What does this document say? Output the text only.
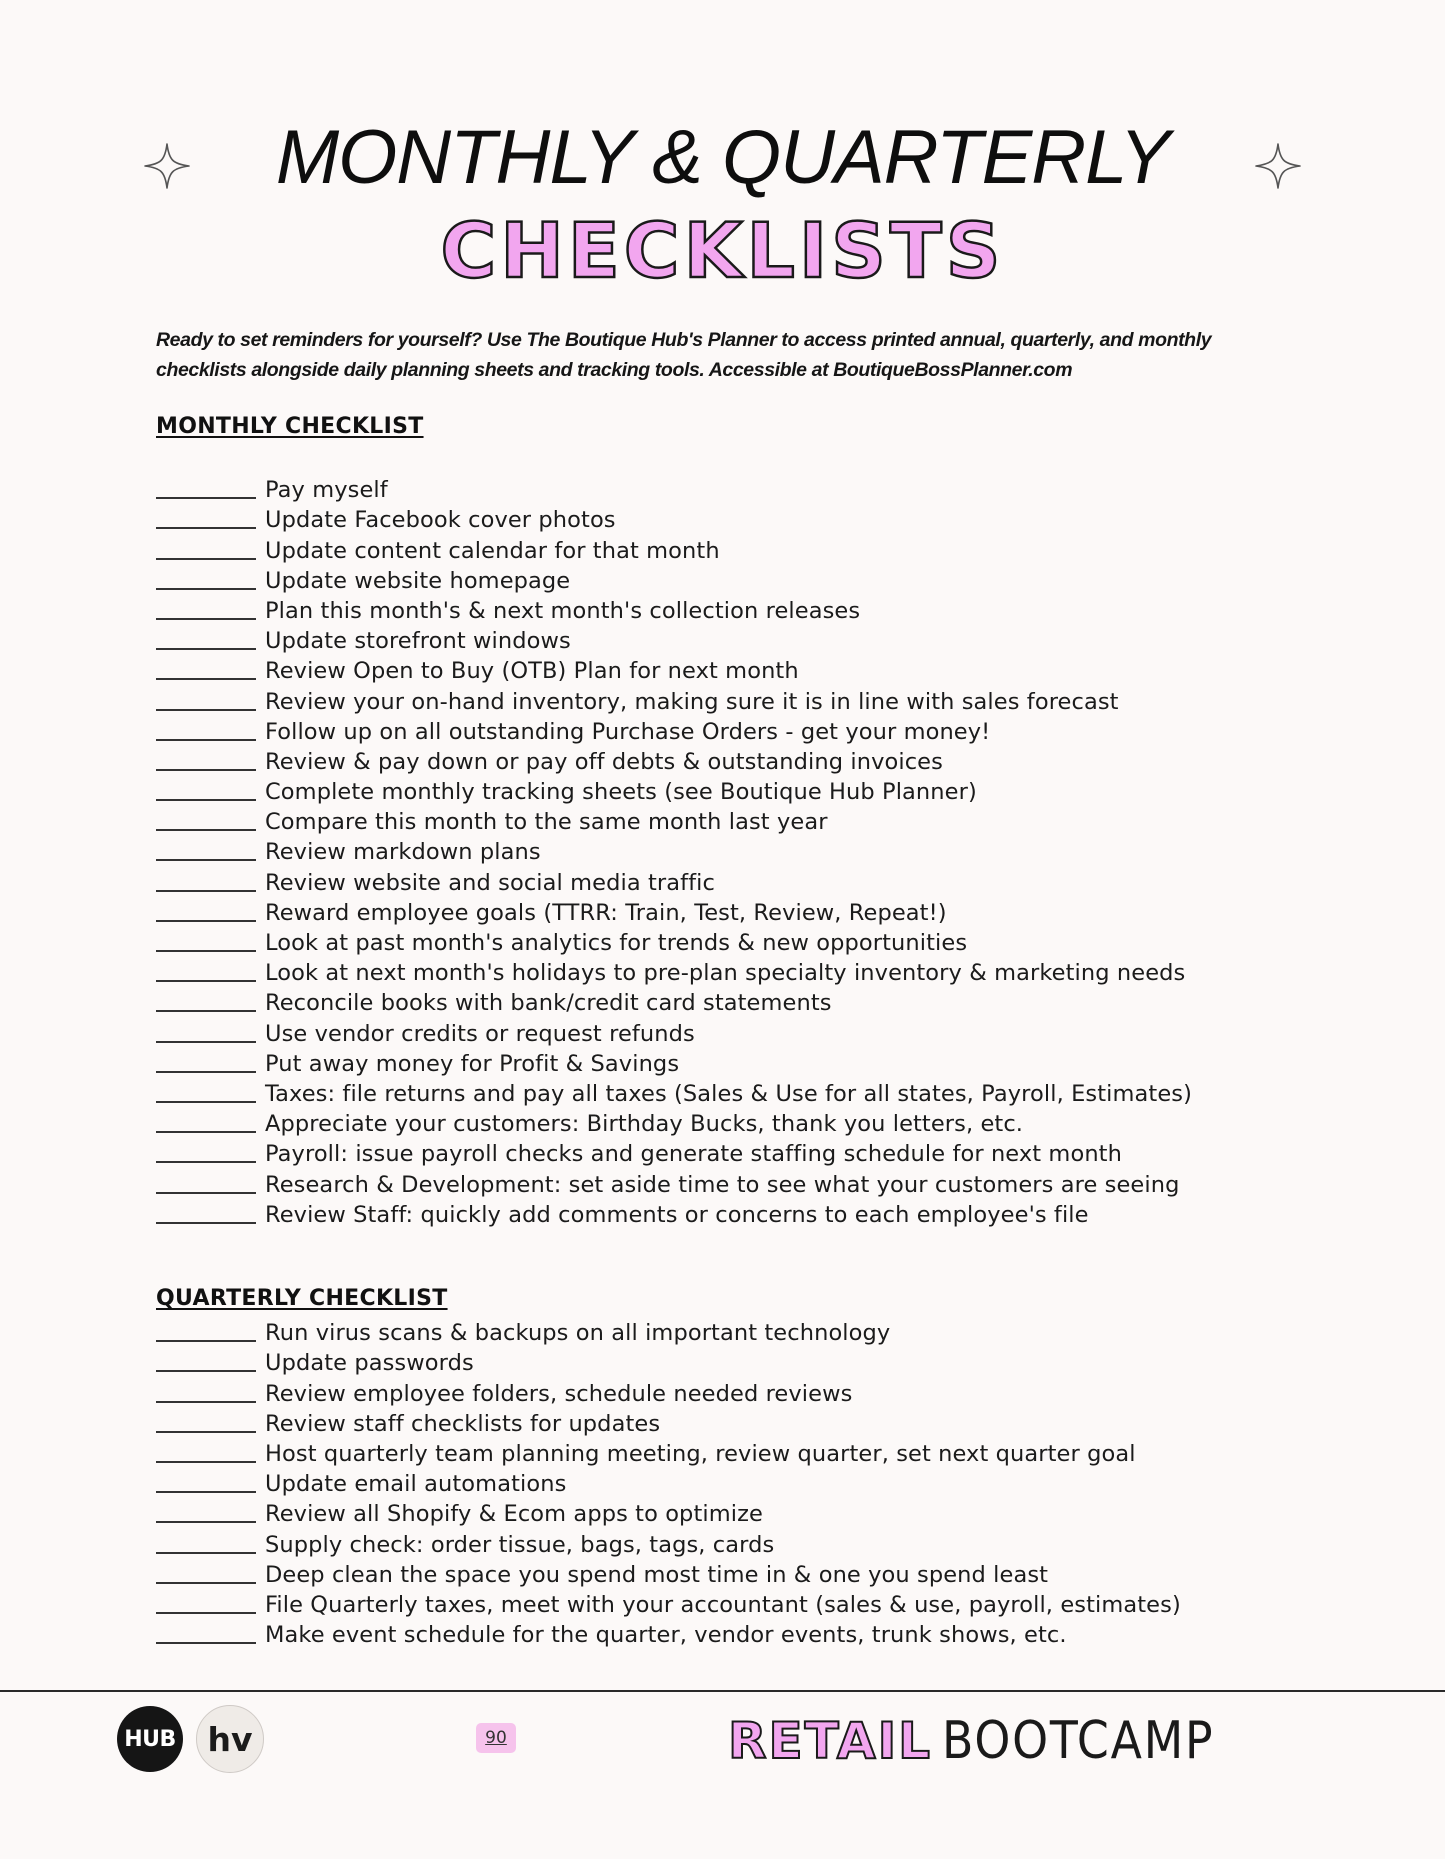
MONTHLY & QUARTERLY
CHECKLISTS
Ready to set reminders for yourself? Use The Boutique Hub's Planner to access printed annual, quarterly, and monthly checklists alongside daily planning sheets and tracking tools. Accessible at BoutiqueBossPlanner.com
MONTHLY CHECKLIST
Pay myself
Update Facebook cover photos
Update content calendar for that month
Update website homepage
Plan this month's & next month's collection releases
Update storefront windows
Review Open to Buy (OTB) Plan for next month
Review your on-hand inventory, making sure it is in line with sales forecast
Follow up on all outstanding Purchase Orders - get your money!
Review & pay down or pay off debts & outstanding invoices
Complete monthly tracking sheets (see Boutique Hub Planner)
Compare this month to the same month last year
Review markdown plans
Review website and social media traffic
Reward employee goals (TTRR: Train, Test, Review, Repeat!)
Look at past month's analytics for trends & new opportunities
Look at next month's holidays to pre-plan specialty inventory & marketing needs
Reconcile books with bank/credit card statements
Use vendor credits or request refunds
Put away money for Profit & Savings
Taxes: file returns and pay all taxes (Sales & Use for all states, Payroll, Estimates)
Appreciate your customers: Birthday Bucks, thank you letters, etc.
Payroll: issue payroll checks and generate staffing schedule for next month
Research & Development: set aside time to see what your customers are seeing
Review Staff: quickly add comments or concerns to each employee's file
QUARTERLY CHECKLIST
Run virus scans & backups on all important technology
Update passwords
Review employee folders, schedule needed reviews
Review staff checklists for updates
Host quarterly team planning meeting, review quarter, set next quarter goal
Update email automations
Review all Shopify & Ecom apps to optimize
Supply check: order tissue, bags, tags, cards
Deep clean the space you spend most time in & one you spend least
File Quarterly taxes, meet with your accountant (sales & use, payroll, estimates)
Make event schedule for the quarter, vendor events, trunk shows, etc.
HUB hv	90	RETAIL BOOTCAMP
